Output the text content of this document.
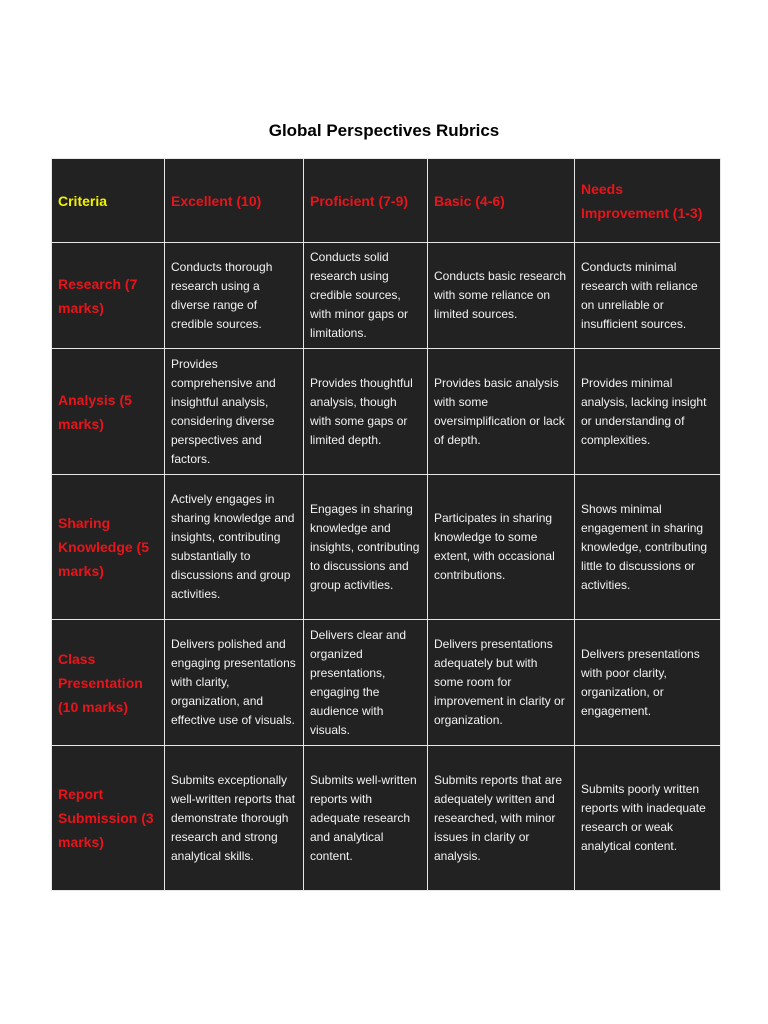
Global Perspectives Rubrics
Criteria	Excellent (10)	Proficient (7-9)	Basic (4-6)	Needs Improvement (1-3)
Research (7 marks)	Conducts thorough research using a diverse range of credible sources.	Conducts solid research using credible sources, with minor gaps or limitations.	Conducts basic research with some reliance on limited sources.	Conducts minimal research with reliance on unreliable or insufficient sources.
Analysis (5 marks)	Provides comprehensive and insightful analysis, considering diverse perspectives and factors.	Provides thoughtful analysis, though with some gaps or limited depth.	Provides basic analysis with some oversimplification or lack of depth.	Provides minimal analysis, lacking insight or understanding of complexities.
Sharing Knowledge (5 marks)	Actively engages in sharing knowledge and insights, contributing substantially to discussions and group activities.	Engages in sharing knowledge and insights, contributing to discussions and group activities.	Participates in sharing knowledge to some extent, with occasional contributions.	Shows minimal engagement in sharing knowledge, contributing little to discussions or activities.
Class Presentation (10 marks)	Delivers polished and engaging presentations with clarity, organization, and effective use of visuals.	Delivers clear and organized presentations, engaging the audience with visuals.	Delivers presentations adequately but with some room for improvement in clarity or organization.	Delivers presentations with poor clarity, organization, or engagement.
Report Submission (3 marks)	Submits exceptionally well-written reports that demonstrate thorough research and strong analytical skills.	Submits well-written reports with adequate research and analytical content.	Submits reports that are adequately written and researched, with minor issues in clarity or analysis.	Submits poorly written reports with inadequate research or weak analytical content.
